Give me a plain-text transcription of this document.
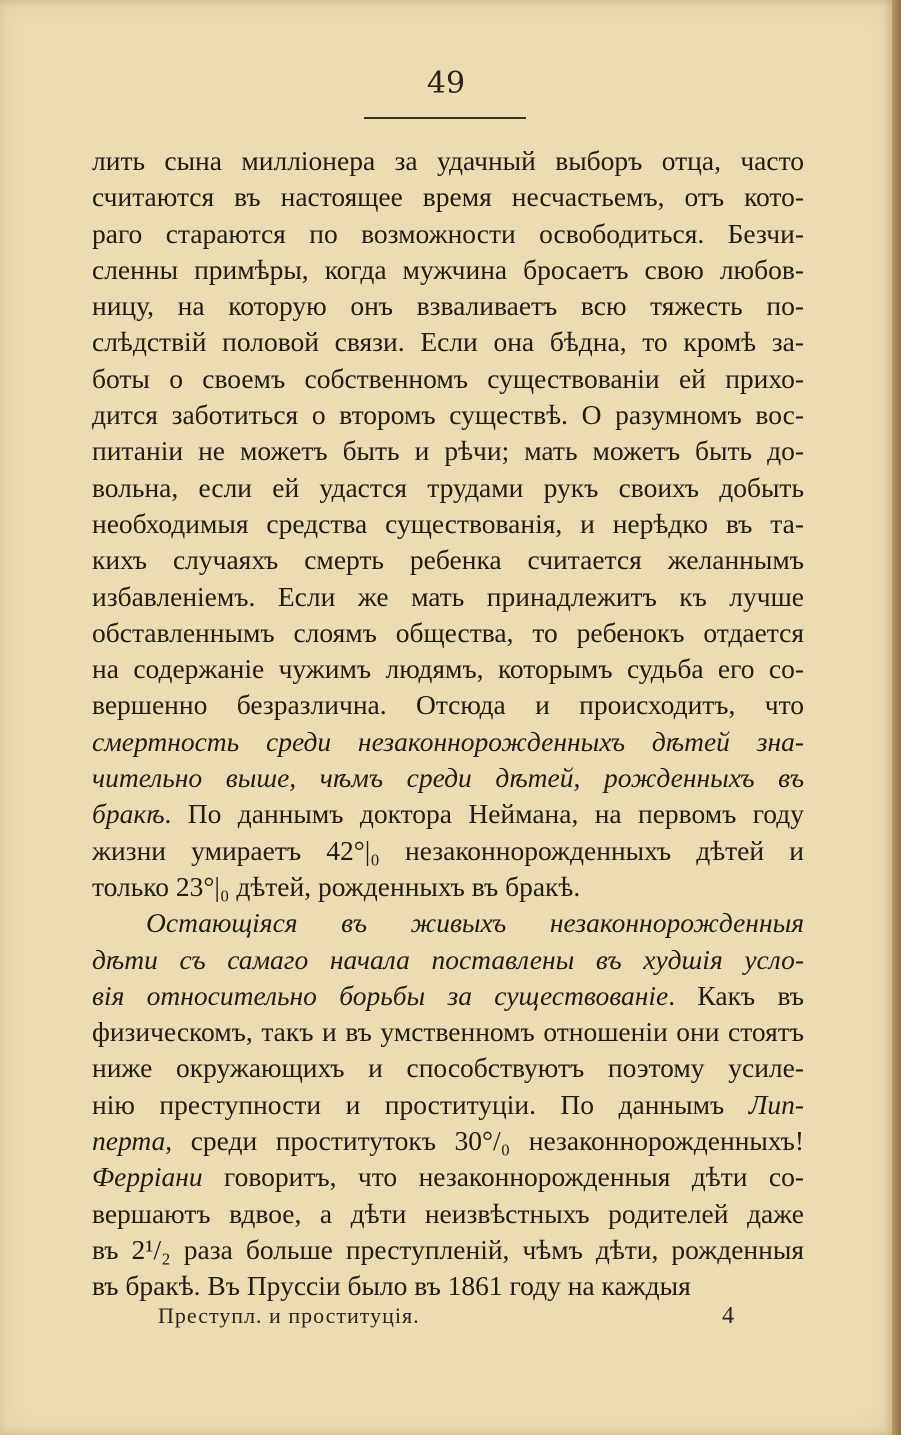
49
лить сына милліонера за удачный выборъ отца, часто
считаются въ настоящее время несчастьемъ, отъ кото-
раго стараются по возможности освободиться. Безчи-
сленны примѣры, когда мужчина бросаетъ свою любов-
ницу, на которую онъ взваливаетъ всю тяжесть по-
слѣдствій половой связи. Если она бѣдна, то кромѣ за-
боты о своемъ собственномъ существованіи ей прихо-
дится заботиться о второмъ существѣ. О разумномъ вос-
питаніи не можетъ быть и рѣчи; мать можетъ быть до-
вольна, если ей удастся трудами рукъ своихъ добыть
необходимыя средства существованія, и нерѣдко въ та-
кихъ случаяхъ смерть ребенка считается желаннымъ
избавленіемъ. Если же мать принадлежитъ къ лучше
обставленнымъ слоямъ общества, то ребенокъ отдается
на содержаніе чужимъ людямъ, которымъ судьба его со-
вершенно безразлична. Отсюда и происходитъ, что
смертность среди незаконнорожденныхъ дѣтей зна-
чительно выше, чѣмъ среди дѣтей, рожденныхъ въ
бракѣ. По даннымъ доктора Неймана, на первомъ году
жизни умираетъ 42°|₀ незаконнорожденныхъ дѣтей и
только 23°|₀ дѣтей, рожденныхъ въ бракѣ.
Остающіяся въ живыхъ незаконнорожденныя
дѣти съ самаго начала поставлены въ худшія усло-
вія относительно борьбы за существованіе. Какъ въ
физическомъ, такъ и въ умственномъ отношеніи они стоятъ
ниже окружающихъ и способствуютъ поэтому усиле-
нію преступности и проституціи. По даннымъ Лип-
перта, среди проститутокъ 30°/₀ незаконнорожденныхъ!
Ферріани говоритъ, что незаконнорожденныя дѣти со-
вершаютъ вдвое, а дѣти неизвѣстныхъ родителей даже
въ 2¹/₂ раза больше преступленій, чѣмъ дѣти, рожденныя
въ бракѣ. Въ Пруссіи было въ 1861 году на каждыя
Преступл. и проституція.	4
